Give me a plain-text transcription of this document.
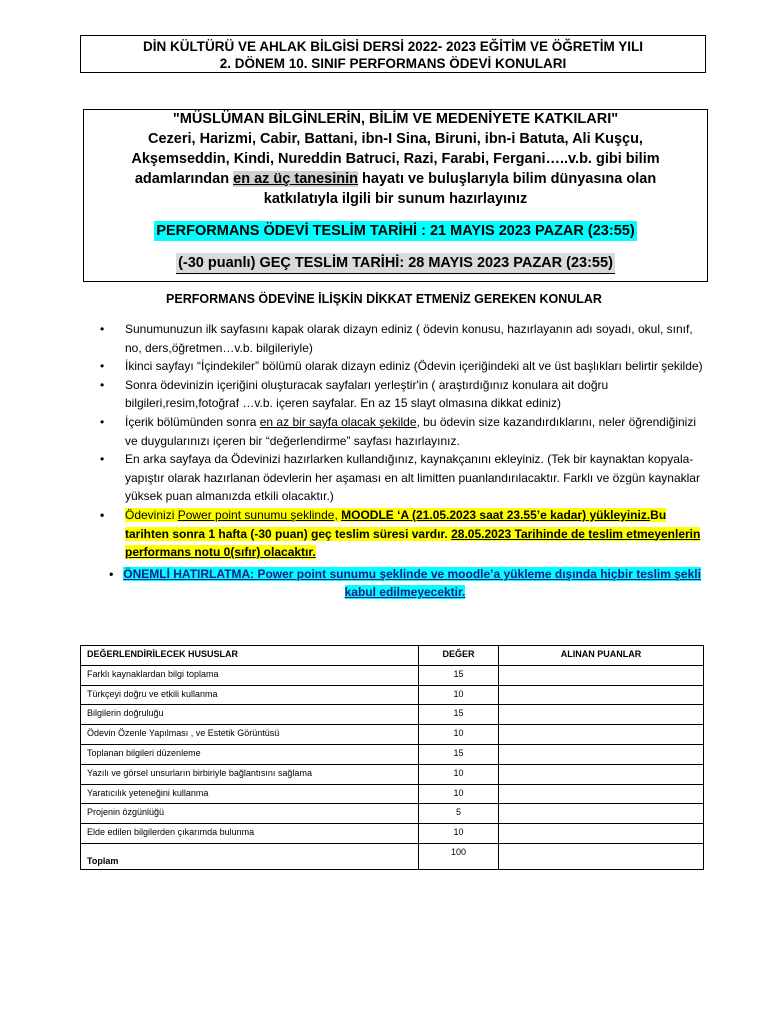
DİN KÜLTÜRÜ VE AHLAK BİLGİSİ DERSİ 2022- 2023 EĞİTİM VE ÖĞRETİM YILI
2. DÖNEM 10. SINIF PERFORMANS ÖDEVİ KONULARI
"MÜSLÜMAN BİLGİNLERİN, BİLİM VE MEDENİYETE KATKILARI"
Cezeri, Harizmi, Cabir, Battani, ibn-I Sina, Biruni, ibn-i Batuta, Ali Kuşçu,
Akşemseddin, Kindi, Nureddin Batruci, Razi, Farabi, Fergani…..v.b. gibi bilim
adamlarından en az üç tanesinin hayatı ve buluşlarıyla bilim dünyasına olan
katkılatıyla ilgili bir sunum hazırlayınız
PERFORMANS ÖDEVİ TESLİM TARİHİ : 21 MAYIS 2023 PAZAR (23:55)
(-30 puanlı) GEÇ TESLİM TARİHİ: 28 MAYIS 2023 PAZAR (23:55)
PERFORMANS ÖDEVİNE İLİŞKİN DİKKAT ETMENİZ GEREKEN KONULAR
• Sunumunuzun ilk sayfasını kapak olarak dizayn ediniz ( ödevin konusu, hazırlayanın adı soyadı, okul, sınıf, no, ders,öğretmen…v.b. bilgileriyle)
• İkinci sayfayı “İçindekiler” bölümü olarak dizayn ediniz (Ödevin içeriğindeki alt ve üst başlıkları belirtir şekilde)
• Sonra ödevinizin içeriğini oluşturacak sayfaları yerleştir'in ( araştırdığınız konulara ait doğru bilgileri,resim,fotoğraf …v.b. içeren sayfalar. En az 15 slayt olmasına dikkat ediniz)
• İçerik bölümünden sonra en az bir sayfa olacak şekilde, bu ödevin size kazandırdıklarını, neler öğrendiğinizi ve duygularınızı içeren bir “değerlendirme” sayfası hazırlayınız.
• En arka sayfaya da Ödevinizi hazırlarken kullandığınız, kaynakçanını ekleyiniz. (Tek bir kaynaktan kopyala-yapıştır olarak hazırlanan ödevlerin her aşaması en alt limitten puanlandırılacaktır. Farklı ve özgün kaynaklar yüksek puan almanızda etkili olacaktır.)
• Ödevinizi Power point sunumu şeklinde, MOODLE ‘A (21.05.2023 saat 23.55’e kadar) yükleyiniz.Bu tarihten sonra 1 hafta (-30 puan) geç teslim süresi vardır. 28.05.2023 Tarihinde de teslim etmeyenlerin performans notu 0(sıfır) olacaktır.
•   ÖNEMLİ HATIRLATMA: Power point sunumu şeklinde ve moodle’a yükleme dışında hiçbir teslim şekli kabul edilmeyecektir.
DEĞERLENDİRİLECEK HUSUSLAR	DEĞER	ALINAN PUANLAR
Farklı kaynaklardan bilgi toplama	15	
Türkçeyi doğru ve etkili kullanma	10	
Bilgilerin doğruluğu	15	
Ödevin Özenle Yapılması , ve Estetik Görüntüsü	10	
Toplanan bilgileri düzenleme	15	
Yazılı ve görsel unsurların birbiriyle bağlantısını sağlama	10	
Yaratıcılık yeteneğini kullanma	10	
Projenin özgünlüğü	5	
Elde edilen bilgilerden çıkarımda bulunma	10	
Toplam	100	
